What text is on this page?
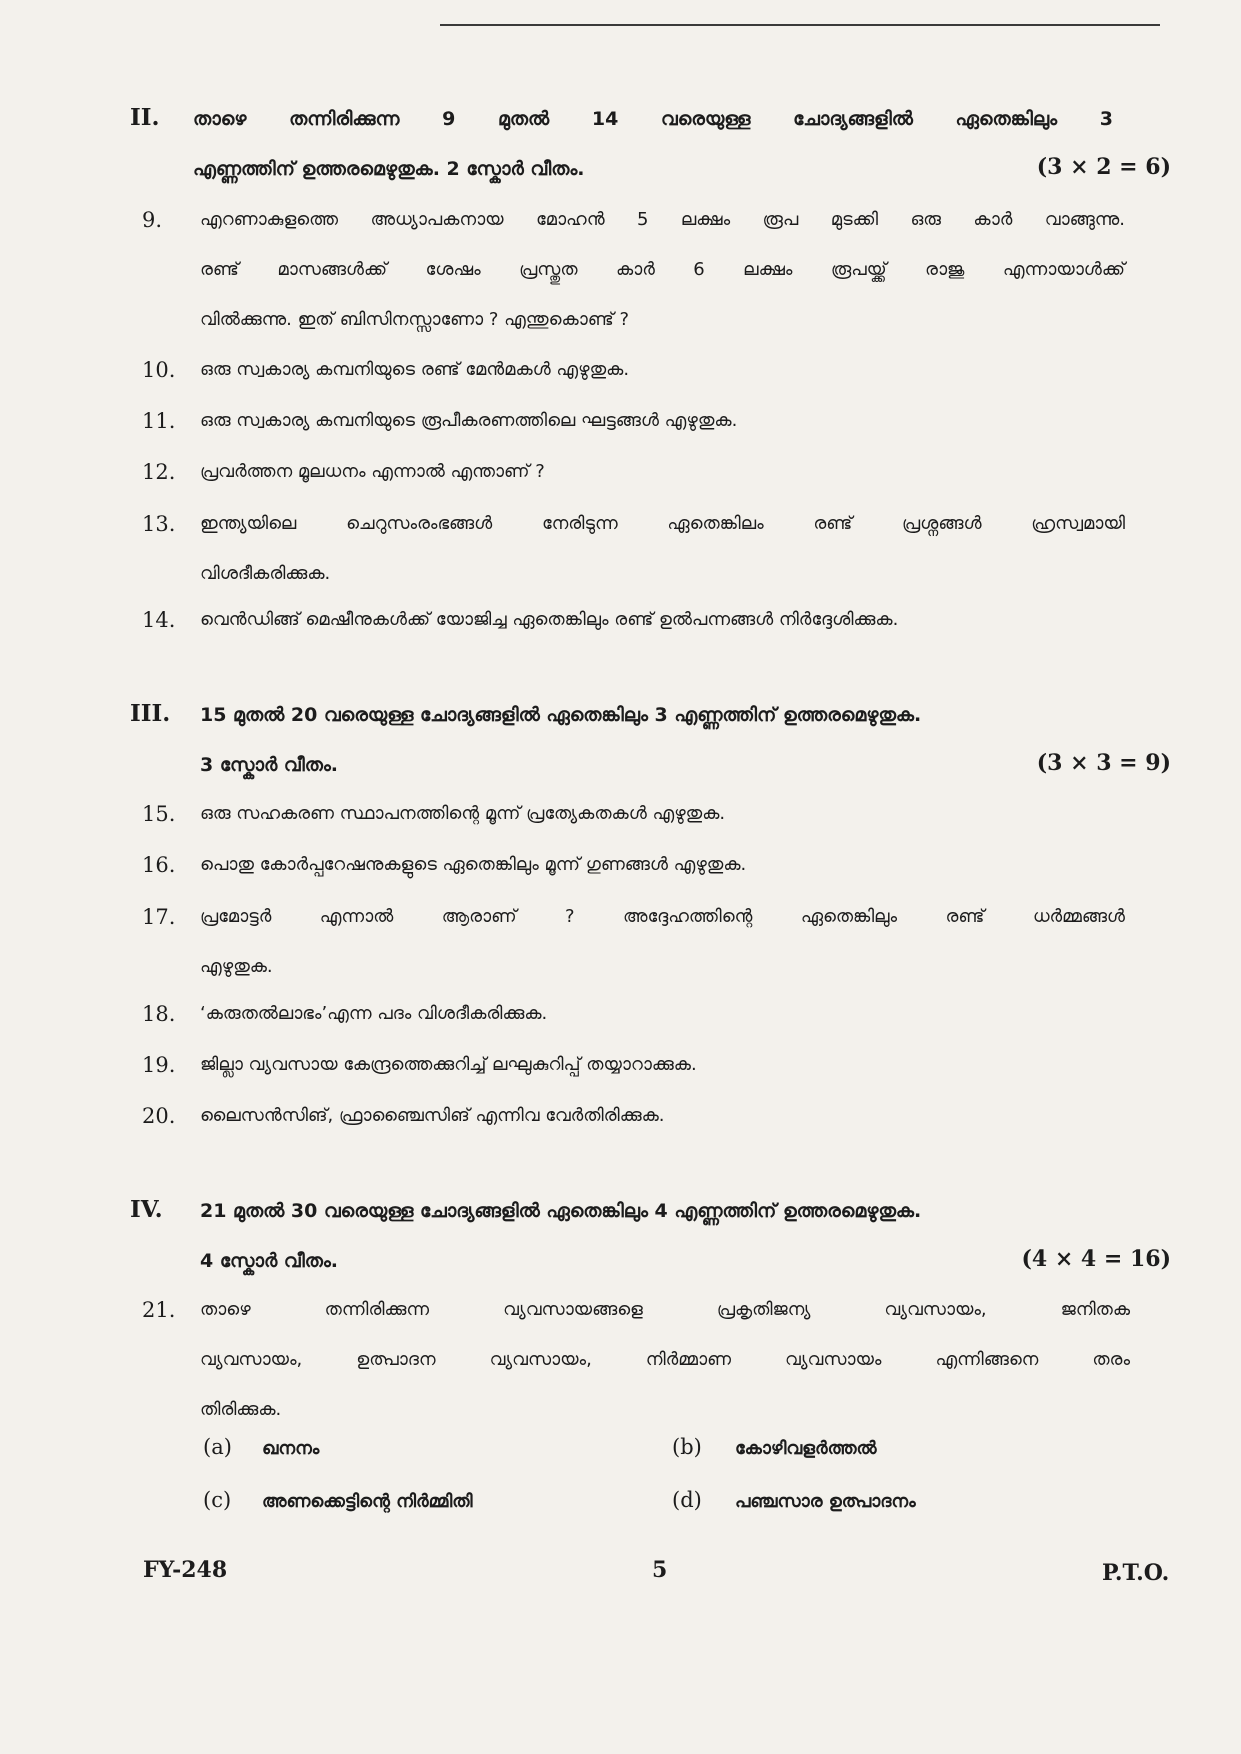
II. താഴെ തന്നിരിക്കുന്ന 9 മുതൽ 14 വരെയുള്ള ചോദ്യങ്ങളിൽ ഏതെങ്കിലും 3
എണ്ണത്തിന് ഉത്തരമെഴുതുക. 2 സ്കോർ വീതം.	(3 × 2 = 6)
9. എറണാകുളത്തെ അധ്യാപകനായ മോഹൻ 5 ലക്ഷം രൂപ മുടക്കി ഒരു കാർ വാങ്ങുന്നു.
രണ്ട് മാസങ്ങൾക്ക് ശേഷം പ്രസ്തുത കാർ 6 ലക്ഷം രൂപയ്ക്ക് രാജു എന്നായാൾക്ക്
വിൽക്കുന്നു. ഇത് ബിസിനസ്സാണോ ? എന്തുകൊണ്ട് ?
10. ഒരു സ്വകാര്യ കമ്പനിയുടെ രണ്ട് മേൻമകൾ എഴുതുക.
11. ഒരു സ്വകാര്യ കമ്പനിയുടെ രൂപീകരണത്തിലെ ഘട്ടങ്ങൾ എഴുതുക.
12. പ്രവർത്തന മൂലധനം എന്നാൽ എന്താണ് ?
13. ഇന്ത്യയിലെ ചെറുസംരംഭങ്ങൾ നേരിടുന്ന ഏതെങ്കിലം രണ്ട് പ്രശ്നങ്ങൾ ഹ്രസ്വമായി
വിശദീകരിക്കുക.
14. വെൻഡിങ്ങ് മെഷീനുകൾക്ക് യോജിച്ച ഏതെങ്കിലും രണ്ട് ഉൽപന്നങ്ങൾ നിർദ്ദേശിക്കുക.
III. 15 മുതൽ 20 വരെയുള്ള ചോദ്യങ്ങളിൽ ഏതെങ്കിലും 3 എണ്ണത്തിന് ഉത്തരമെഴുതുക.
3 സ്കോർ വീതം.	(3 × 3 = 9)
15. ഒരു സഹകരണ സ്ഥാപനത്തിന്റെ മൂന്ന് പ്രത്യേകതകൾ എഴുതുക.
16. പൊതു കോർപ്പറേഷനുകളുടെ ഏതെങ്കിലും മൂന്ന് ഗുണങ്ങൾ എഴുതുക.
17. പ്രമോട്ടർ എന്നാൽ ആരാണ് ? അദ്ദേഹത്തിന്റെ ഏതെങ്കിലും രണ്ട് ധർമ്മങ്ങൾ
എഴുതുക.
18. ‘കരുതൽലാഭം’എന്ന പദം വിശദീകരിക്കുക.
19. ജില്ലാ വ്യവസായ കേന്ദ്രത്തെക്കുറിച്ച് ലഘുകുറിപ്പ് തയ്യാറാക്കുക.
20. ലൈസൻസിങ്, ഫ്രാഞ്ചൈസിങ് എന്നിവ വേർതിരിക്കുക.
IV. 21 മുതൽ 30 വരെയുള്ള ചോദ്യങ്ങളിൽ ഏതെങ്കിലും 4 എണ്ണത്തിന് ഉത്തരമെഴുതുക.
4 സ്കോർ വീതം.	(4 × 4 = 16)
21. താഴെ തന്നിരിക്കുന്ന വ്യവസായങ്ങളെ പ്രകൃതിജന്യ വ്യവസായം, ജനിതക
വ്യവസായം, ഉത്പാദന വ്യവസായം, നിർമ്മാണ വ്യവസായം എന്നിങ്ങനെ തരം
തിരിക്കുക.
(a) ഖനനം	(b) കോഴിവളർത്തൽ
(c) അണക്കെട്ടിന്റെ നിർമ്മിതി	(d) പഞ്ചസാര ഉത്പാദനം
FY-248	5	P.T.O.
